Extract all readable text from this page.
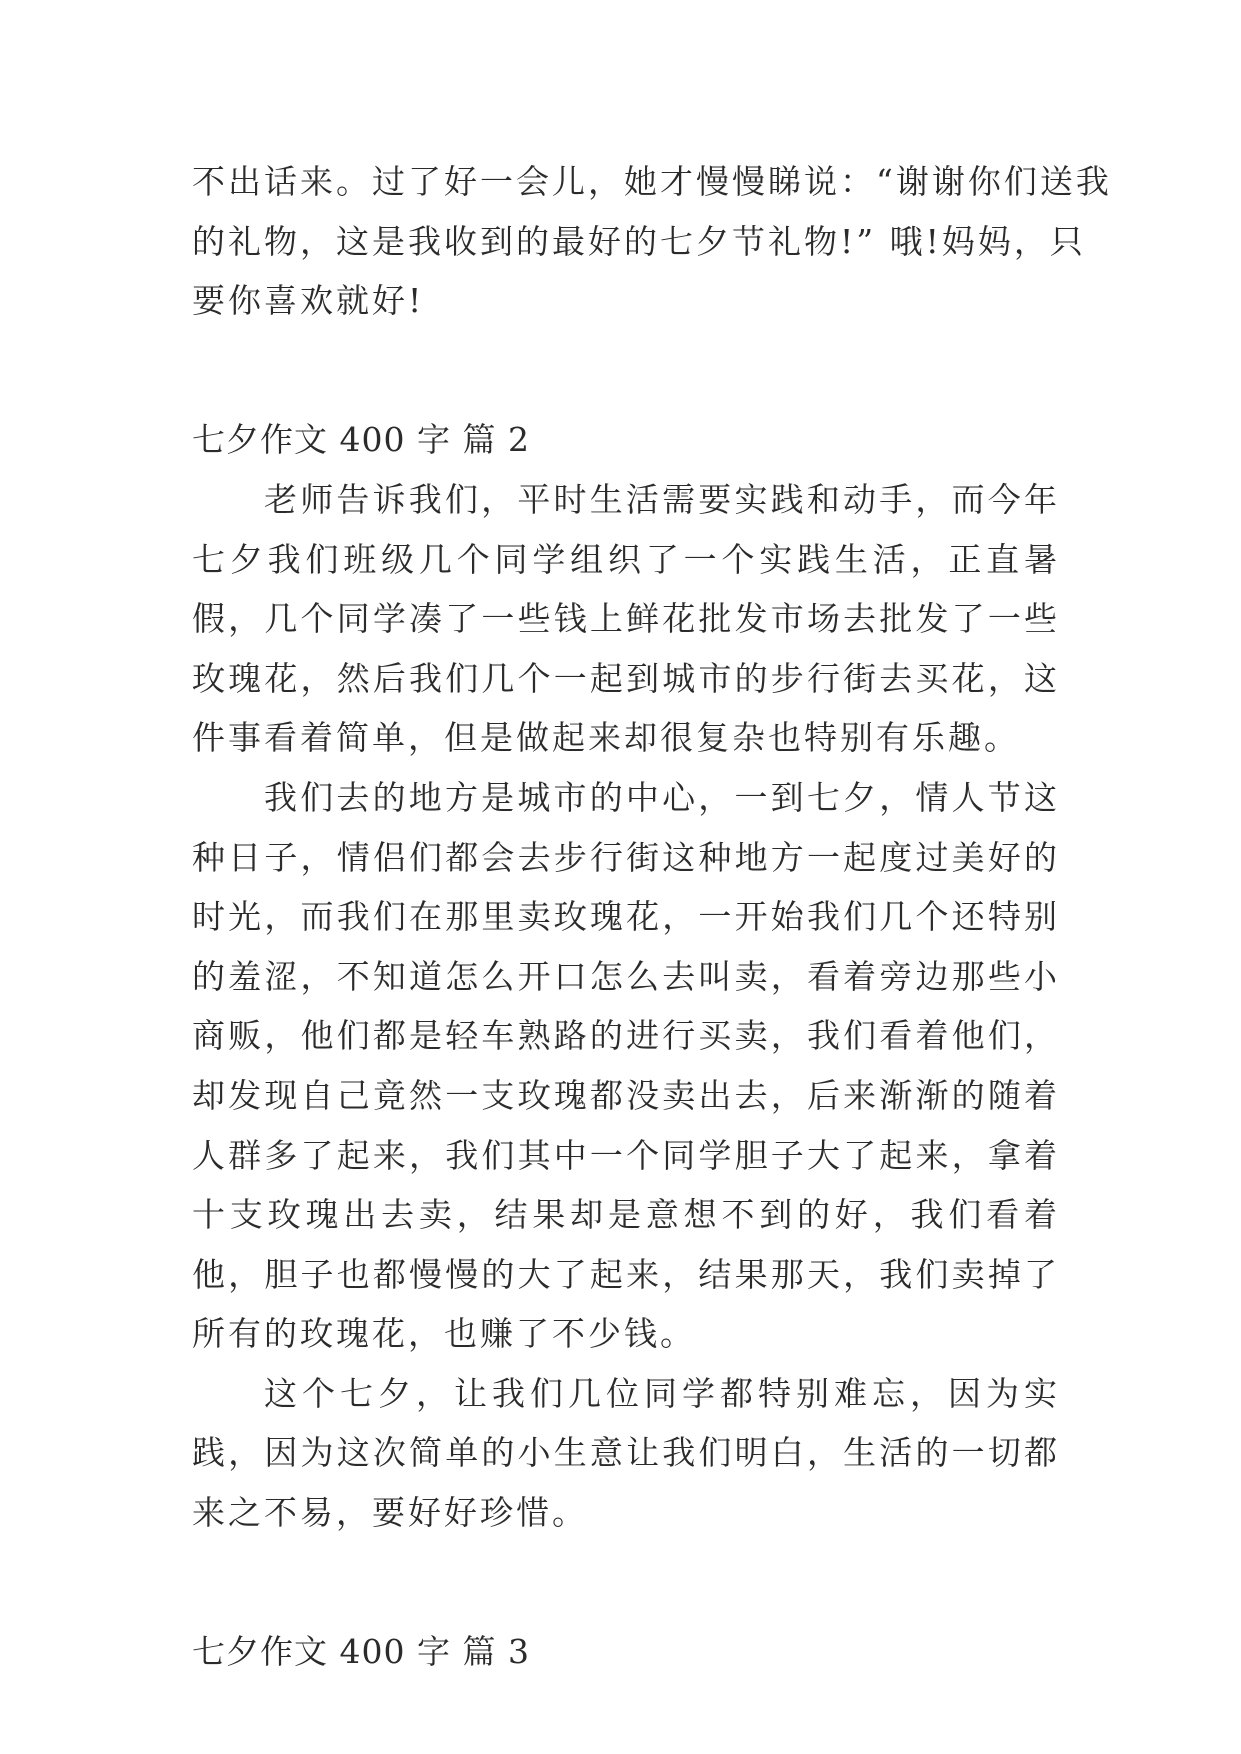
不出话来。过了好一会儿，她才慢慢睇说：“谢谢你们送我
的礼物，这是我收到的最好的七夕节礼物!” 哦!妈妈，只
要你喜欢就好!
七夕作文 400 字 篇 2

老师告诉我们，平时生活需要实践和动手，而今年七夕我们班级几个同学组织了一个实践生活，正直暑假，几个同学凑了一些钱上鲜花批发市场去批发了一些玫瑰花，然后我们几个一起到城市的步行街去买花，这件事看着简单，但是做起来却很复杂也特别有乐趣。

我们去的地方是城市的中心，一到七夕，情人节这种日子，情侣们都会去步行街这种地方一起度过美好的时光，而我们在那里卖玫瑰花，一开始我们几个还特别的羞涩，不知道怎么开口怎么去叫卖，看着旁边那些小商贩，他们都是轻车熟路的进行买卖，我们看着他们，却发现自己竟然一支玫瑰都没卖出去，后来渐渐的随着人群多了起来，我们其中一个同学胆子大了起来，拿着十支玫瑰出去卖，结果却是意想不到的好，我们看着他，胆子也都慢慢的大了起来，结果那天，我们卖掉了所有的玫瑰花，也赚了不少钱。

这个七夕，让我们几位同学都特别难忘，因为实践，因为这次简单的小生意让我们明白，生活的一切都来之不易，要好好珍惜。

七夕作文 400 字 篇 3
